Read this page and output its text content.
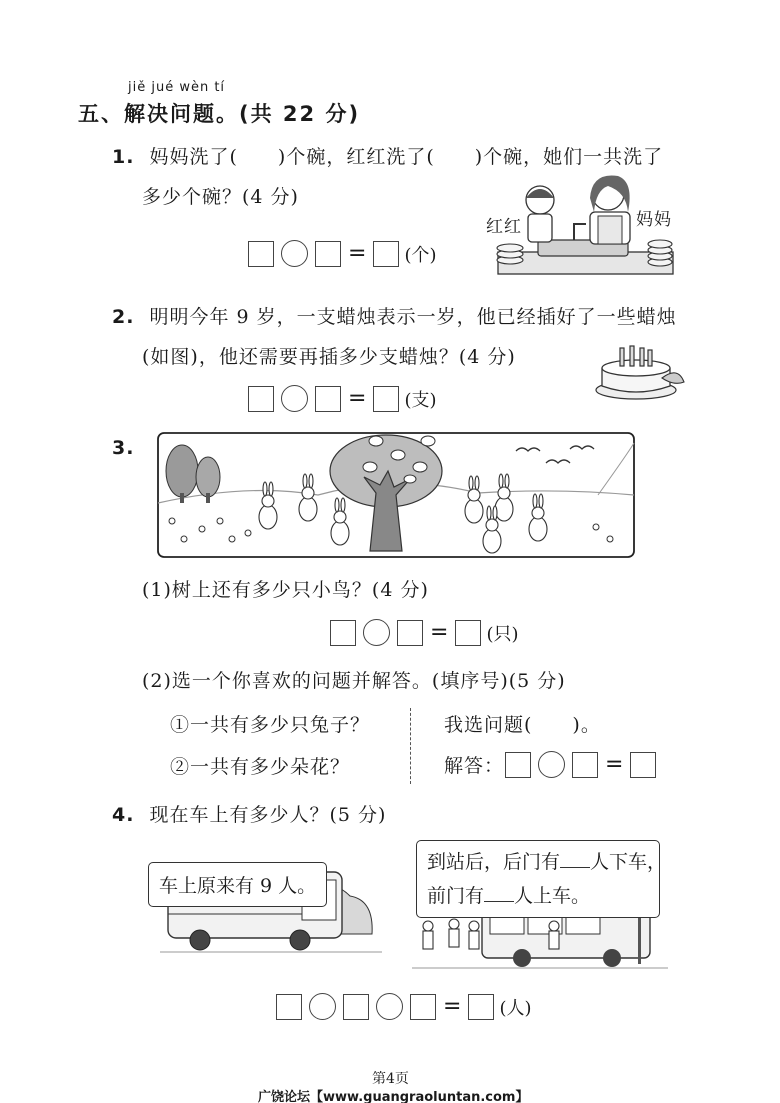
jiě jué wèn tí
五、解决问题。(共 22 分)
1. 妈妈洗了(　　)个碗，红红洗了(　　)个碗，她们一共洗了
多少个碗？(4 分)
红红	妈妈
= (个)
2. 明明今年 9 岁，一支蜡烛表示一岁，他已经插好了一些蜡烛
(如图)，他还需要再插多少支蜡烛？(4 分)
= (支)
3.
(1)树上还有多少只小鸟？(4 分)
= (只)
(2)选一个你喜欢的问题并解答。(填序号)(5 分)
①一共有多少只兔子？
②一共有多少朵花？
我选问题(　　)。
解答：	=
4. 现在车上有多少人？(5 分)
车上原来有 9 人。
到站后，后门有 人下车，
前门有 人上车。
= (人)
第4页
广饶论坛【www.guangraoluntan.com】
